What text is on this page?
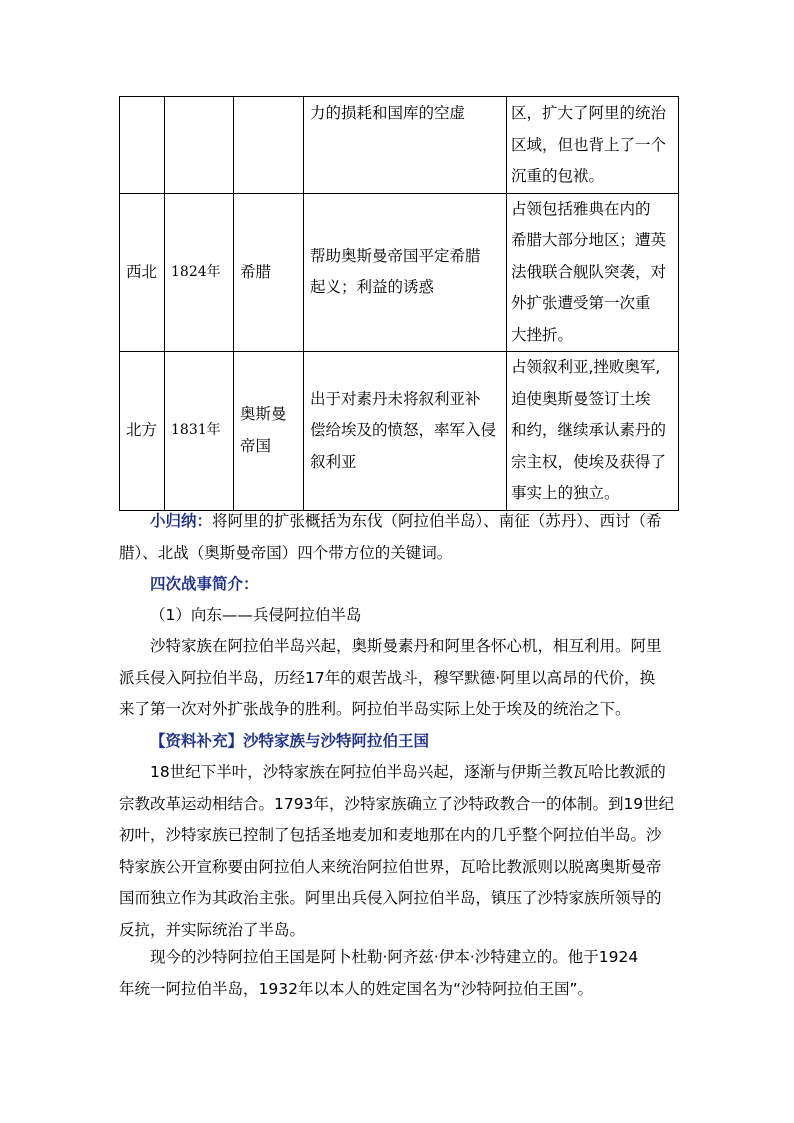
			力的损耗和国库的空虚	区，扩大了阿里的统治
区域，但也背上了一个
沉重的包袱。

西北	1824年	希腊	帮助奥斯曼帝国平定希腊
起义；利益的诱惑	占领包括雅典在内的
希腊大部分地区；遭英
法俄联合舰队突袭，对
外扩张遭受第一次重
大挫折。

北方	1831年	奥斯曼
帝国	出于对素丹未将叙利亚补
偿给埃及的愤怒，率军入侵
叙利亚	占领叙利亚,挫败奥军,
迫使奥斯曼签订土埃
和约，继续承认素丹的
宗主权，使埃及获得了
事实上的独立。
小归纳：将阿里的扩张概括为东伐（阿拉伯半岛）、南征（苏丹）、西讨（希
腊）、北战（奥斯曼帝国）四个带方位的关键词。
四次战事简介：
（1）向东——兵侵阿拉伯半岛
沙特家族在阿拉伯半岛兴起，奥斯曼素丹和阿里各怀心机，相互利用。阿里
派兵侵入阿拉伯半岛，历经17年的艰苦战斗，穆罕默德·阿里以高昂的代价，换
来了第一次对外扩张战争的胜利。阿拉伯半岛实际上处于埃及的统治之下。
【资料补充】沙特家族与沙特阿拉伯王国
18世纪下半叶，沙特家族在阿拉伯半岛兴起，逐渐与伊斯兰教瓦哈比教派的
宗教改革运动相结合。1793年，沙特家族确立了沙特政教合一的体制。到19世纪
初叶，沙特家族已控制了包括圣地麦加和麦地那在内的几乎整个阿拉伯半岛。沙
特家族公开宣称要由阿拉伯人来统治阿拉伯世界，瓦哈比教派则以脱离奥斯曼帝
国而独立作为其政治主张。阿里出兵侵入阿拉伯半岛，镇压了沙特家族所领导的
反抗，并实际统治了半岛。
现今的沙特阿拉伯王国是阿卜杜勒·阿齐兹·伊本·沙特建立的。他于1924
年统一阿拉伯半岛，1932年以本人的姓定国名为“沙特阿拉伯王国”。
